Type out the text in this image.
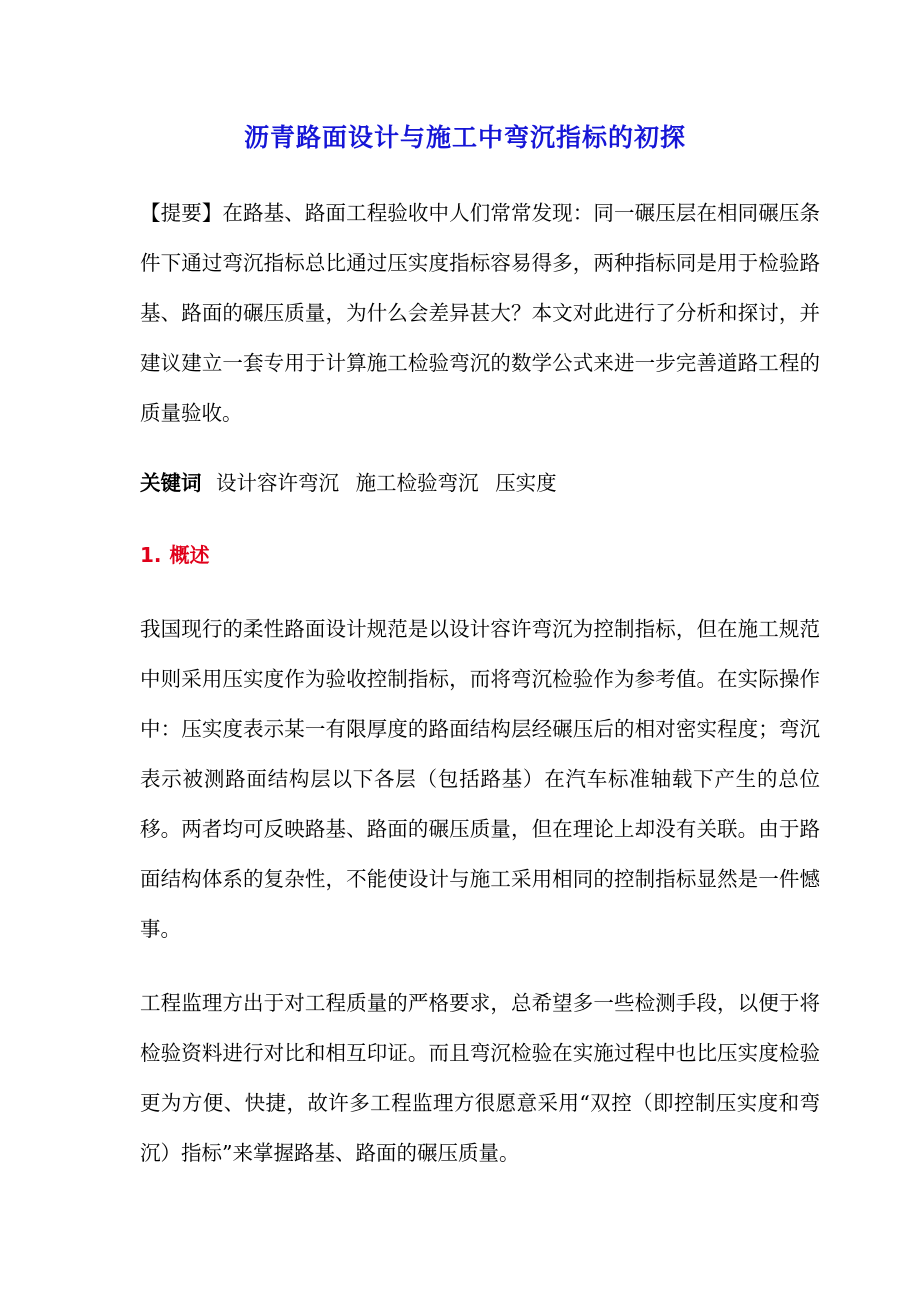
沥青路面设计与施工中弯沉指标的初探

【提要】在路基、路面工程验收中人们常常发现：同一碾压层在相同碾压条件下通过弯沉指标总比通过压实度指标容易得多，两种指标同是用于检验路基、路面的碾压质量，为什么会差异甚大？本文对此进行了分析和探讨，并建议建立一套专用于计算施工检验弯沉的数学公式来进一步完善道路工程的质量验收。

关键词 设计容许弯沉 施工检验弯沉 压实度
1. 概述

我国现行的柔性路面设计规范是以设计容许弯沉为控制指标，但在施工规范中则采用压实度作为验收控制指标，而将弯沉检验作为参考值。在实际操作中：压实度表示某一有限厚度的路面结构层经碾压后的相对密实程度；弯沉表示被测路面结构层以下各层（包括路基）在汽车标准轴载下产生的总位移。两者均可反映路基、路面的碾压质量，但在理论上却没有关联。由于路面结构体系的复杂性，不能使设计与施工采用相同的控制指标显然是一件憾事。

工程监理方出于对工程质量的严格要求，总希望多一些检测手段，以便于将检验资料进行对比和相互印证。而且弯沉检验在实施过程中也比压实度检验更为方便、快捷，故许多工程监理方很愿意采用“双控（即控制压实度和弯沉）指标”来掌握路基、路面的碾压质量。
